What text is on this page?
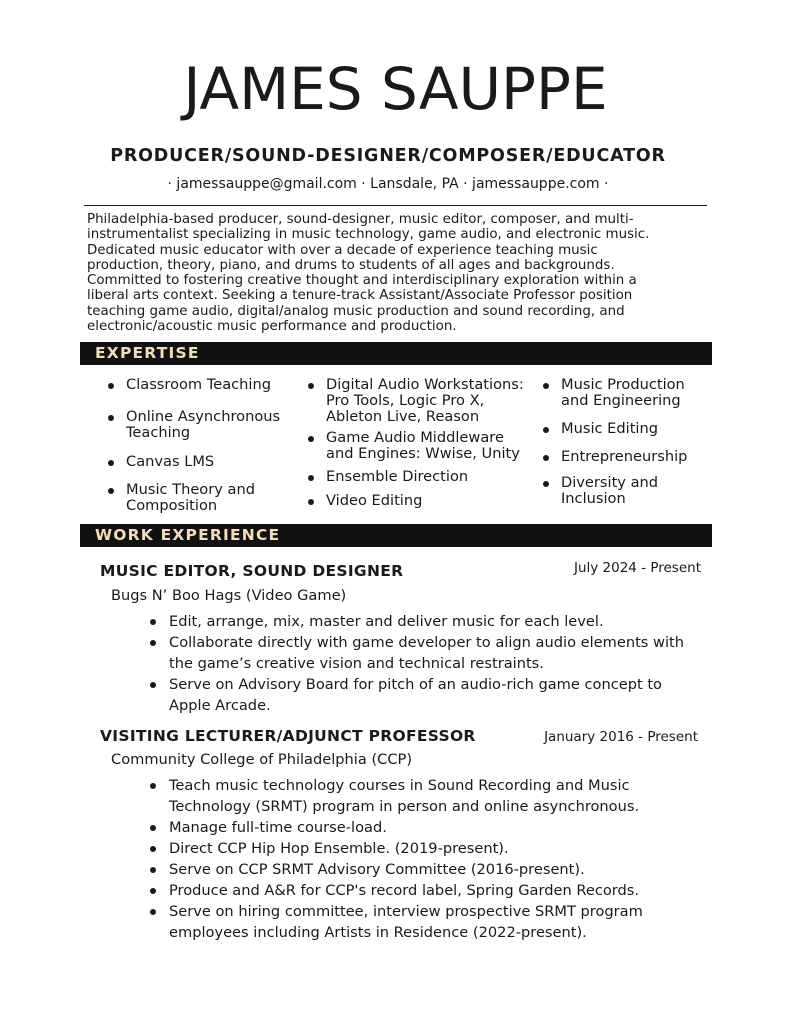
JAMES SAUPPE
PRODUCER/SOUND-DESIGNER/COMPOSER/EDUCATOR
· jamessauppe@gmail.com · Lansdale, PA · jamessauppe.com ·
Philadelphia-based producer, sound-designer, music editor, composer, and multi-
instrumentalist specializing in music technology, game audio, and electronic music.
Dedicated music educator with over a decade of experience teaching music
production, theory, piano, and drums to students of all ages and backgrounds.
Committed to fostering creative thought and interdisciplinary exploration within a
liberal arts context. Seeking a tenure-track Assistant/Associate Professor position
teaching game audio, digital/analog music production and sound recording, and
electronic/acoustic music performance and production.
EXPERTISE
Classroom Teaching
Online Asynchronous
Teaching
Canvas LMS
Music Theory and
Composition
Digital Audio Workstations:
Pro Tools, Logic Pro X,
Ableton Live, Reason
Game Audio Middleware
and Engines: Wwise, Unity
Ensemble Direction
Video Editing
Music Production
and Engineering
Music Editing
Entrepreneurship
Diversity and
Inclusion
WORK EXPERIENCE
MUSIC EDITOR, SOUND DESIGNER	July 2024 - Present
Bugs N’ Boo Hags (Video Game)
Edit, arrange, mix, master and deliver music for each level.
Collaborate directly with game developer to align audio elements with
the game’s creative vision and technical restraints.
Serve on Advisory Board for pitch of an audio-rich game concept to
Apple Arcade.
VISITING LECTURER/ADJUNCT PROFESSOR	January 2016 - Present
Community College of Philadelphia (CCP)
Teach music technology courses in Sound Recording and Music
Technology (SRMT) program in person and online asynchronous.
Manage full-time course-load.
Direct CCP Hip Hop Ensemble. (2019-present).
Serve on CCP SRMT Advisory Committee (2016-present).
Produce and A&R for CCP's record label, Spring Garden Records.
Serve on hiring committee, interview prospective SRMT program
employees including Artists in Residence (2022-present).
